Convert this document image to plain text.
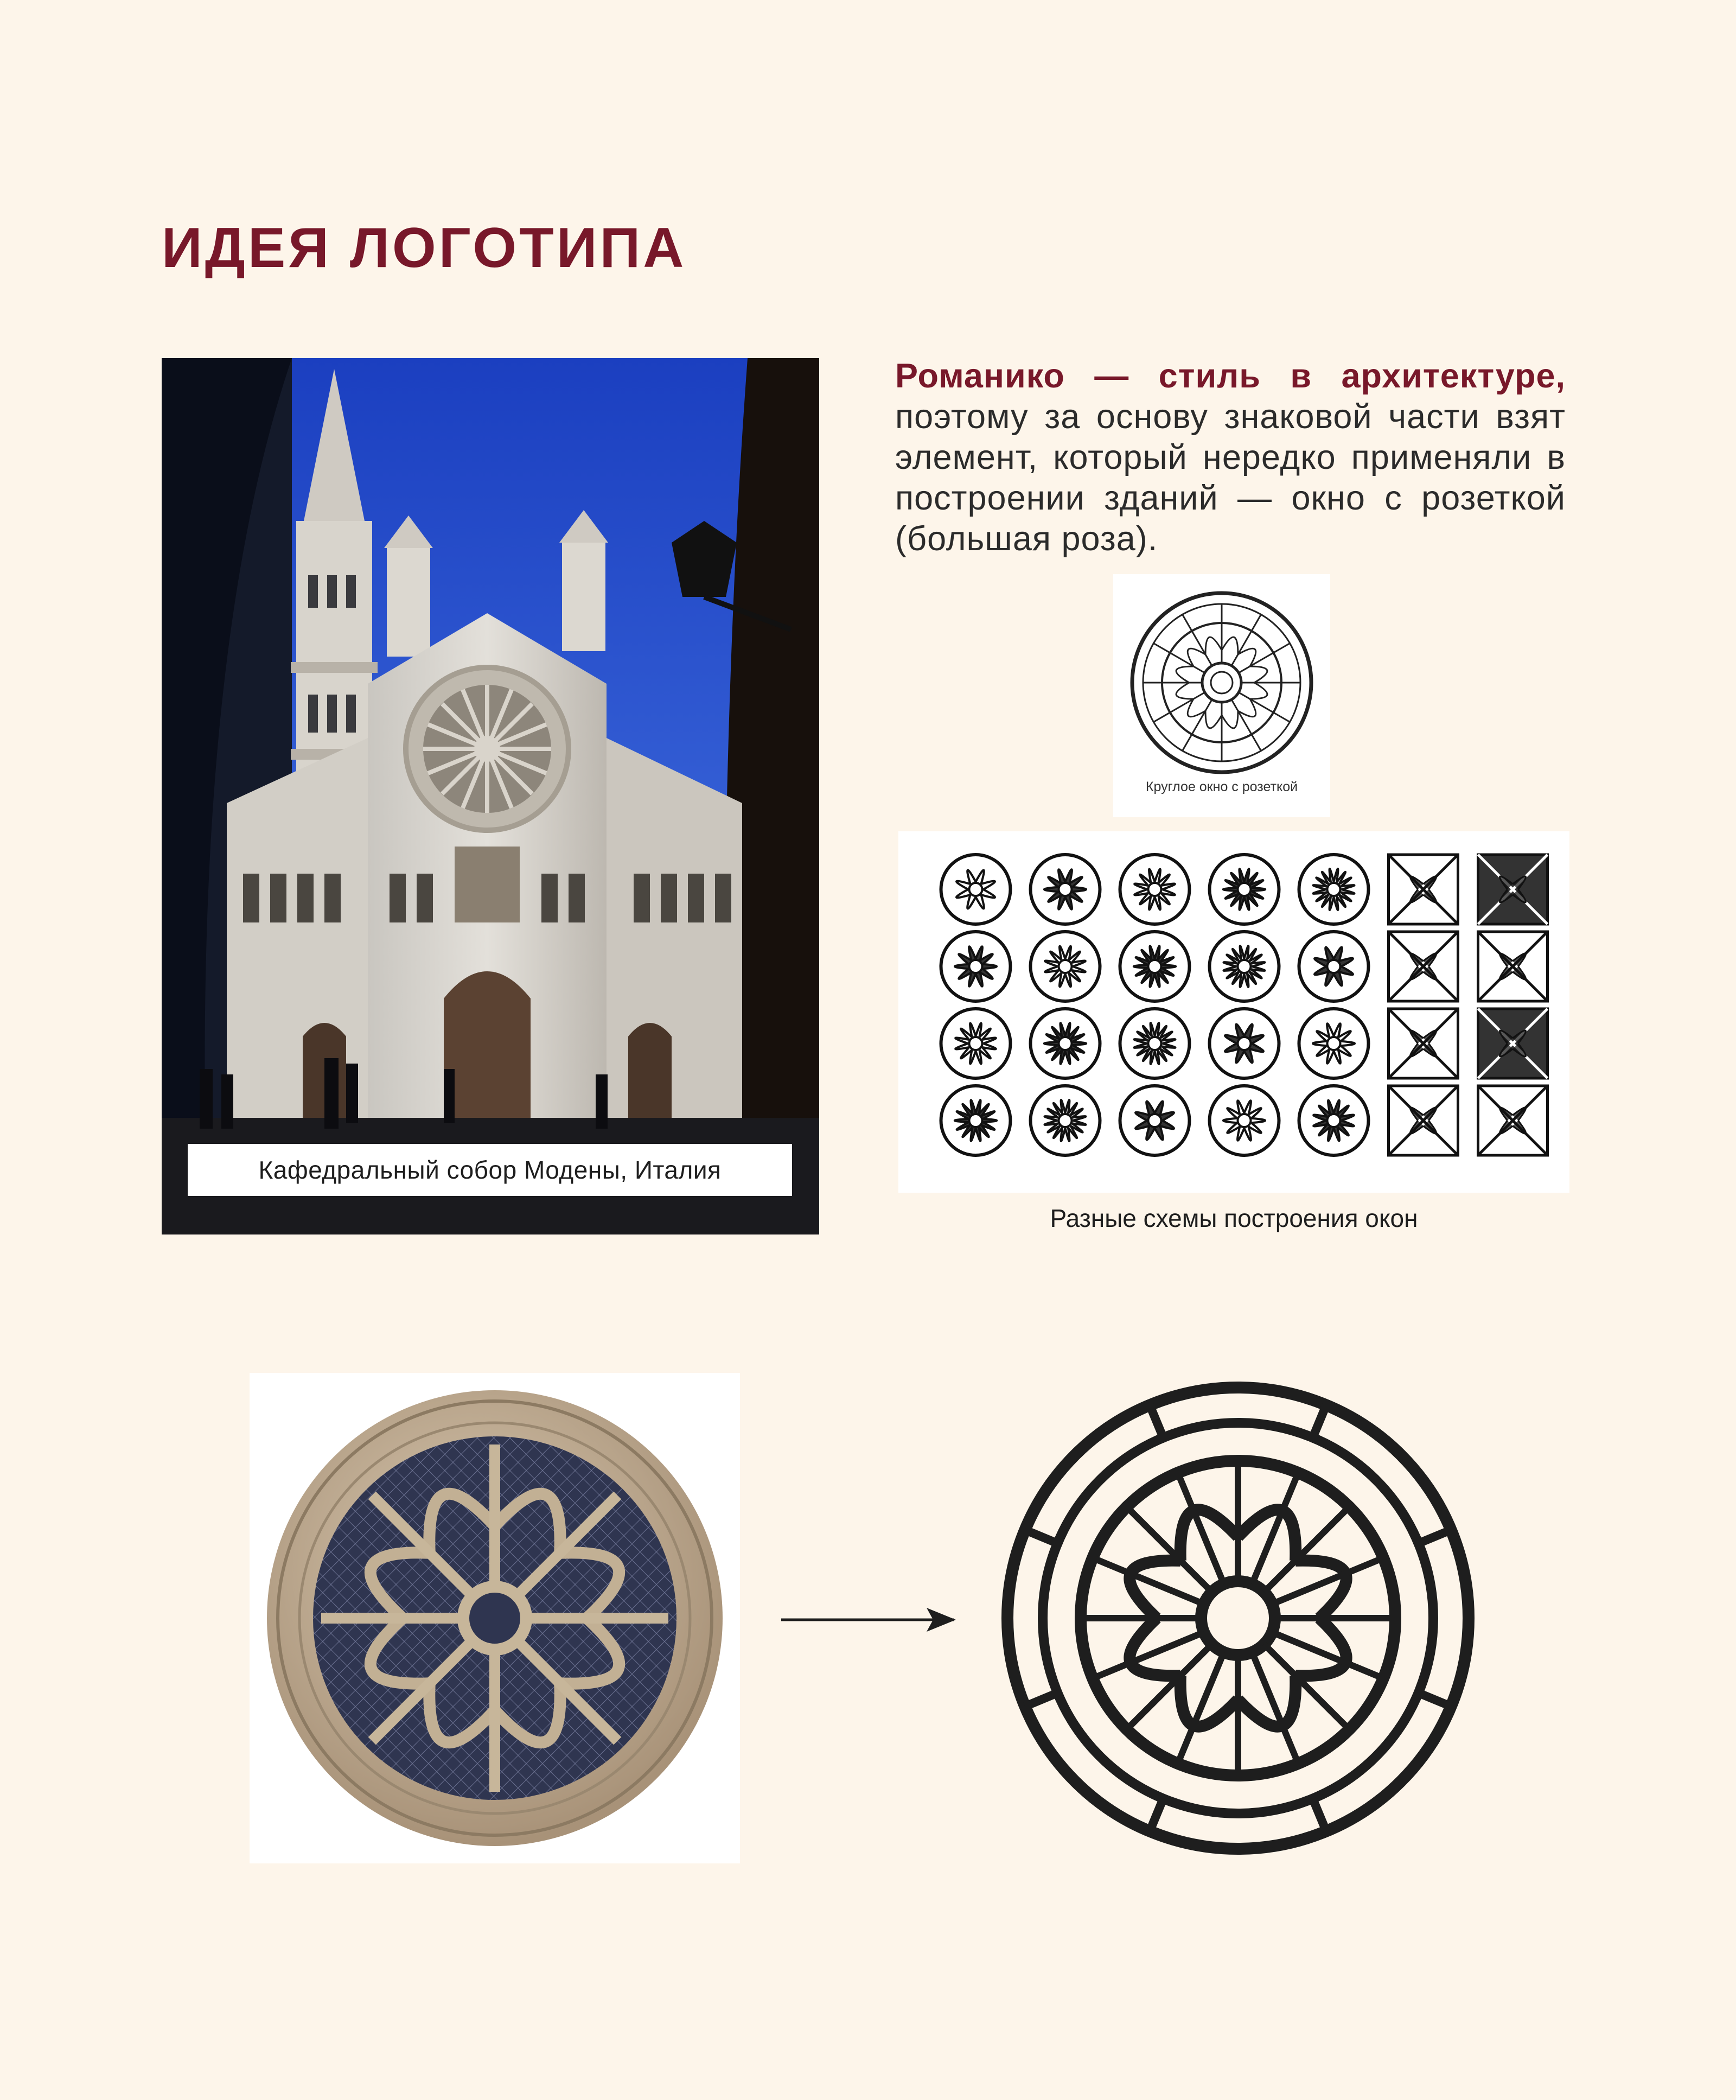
ИДЕЯ ЛОГОТИПА
Кафедральный собор Модены, Италия
Романико — стиль в архитектуре, поэтому за основу знаковой части взят элемент, который нередко применяли в построении зданий — окно с розеткой (большая роза).
Круглое окно с розеткой
Разные схемы построения окон
